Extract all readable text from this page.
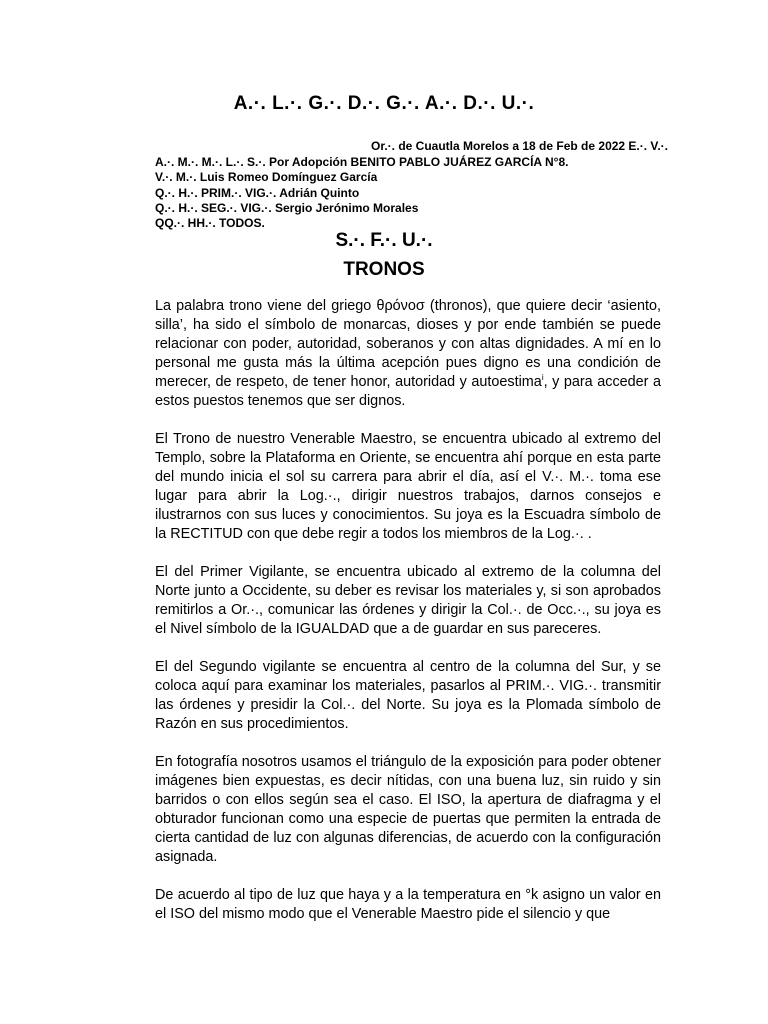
A.·. L.·. G.·. D.·. G.·. A.·. D.·. U.·.

Or.·. de Cuautla Morelos a 18 de Feb de 2022 E.·. V.·.

A.·. M.·. M.·. L.·. S.·. Por Adopción BENITO PABLO JUÁREZ GARCÍA N°8.
V.·. M.·. Luis Romeo Domínguez García
Q.·. H.·. PRIM.·. VIG.·. Adrián Quinto
Q.·. H.·. SEG.·. VIG.·. Sergio Jerónimo Morales
QQ.·. HH.·. TODOS.
S.·. F.·. U.·.
TRONOS

La palabra trono viene del griego θρόνοσ (thronos), que quiere decir ‘asiento, silla’, ha sido el símbolo de monarcas, dioses y por ende también se puede relacionar con poder, autoridad, soberanos y con altas dignidades. A mí en lo personal me gusta más la última acepción pues digno es una condición de merecer, de respeto, de tener honor, autoridad y autoestima$^i$, y para acceder a estos puestos tenemos que ser dignos.

El Trono de nuestro Venerable Maestro, se encuentra ubicado al extremo del Templo, sobre la Plataforma en Oriente, se encuentra ahí porque en esta parte del mundo inicia el sol su carrera para abrir el día, así el V.·. M.·. toma ese lugar para abrir la Log.·., dirigir nuestros trabajos, darnos consejos e ilustrarnos con sus luces y conocimientos. Su joya es la Escuadra símbolo de la RECTITUD con que debe regir a todos los miembros de la Log.·. .

El del Primer Vigilante, se encuentra ubicado al extremo de la columna del Norte junto a Occidente, su deber es revisar los materiales y, si son aprobados remitirlos a Or.·., comunicar las órdenes y dirigir la Col.·. de Occ.·., su joya es el Nivel símbolo de la IGUALDAD que a de guardar en sus pareceres.

El del Segundo vigilante se encuentra al centro de la columna del Sur, y se coloca aquí para examinar los materiales, pasarlos al PRIM.·. VIG.·. transmitir las órdenes y presidir la Col.·. del Norte. Su joya es la Plomada símbolo de Razón en sus procedimientos.

En fotografía nosotros usamos el triángulo de la exposición para poder obtener imágenes bien expuestas, es decir nítidas, con una buena luz, sin ruido y sin barridos o con ellos según sea el caso. El ISO, la apertura de diafragma y el obturador funcionan como una especie de puertas que permiten la entrada de cierta cantidad de luz con algunas diferencias, de acuerdo con la configuración asignada.

De acuerdo al tipo de luz que haya y a la temperatura en °k asigno un valor en el ISO del mismo modo que el Venerable Maestro pide el silencio y que
